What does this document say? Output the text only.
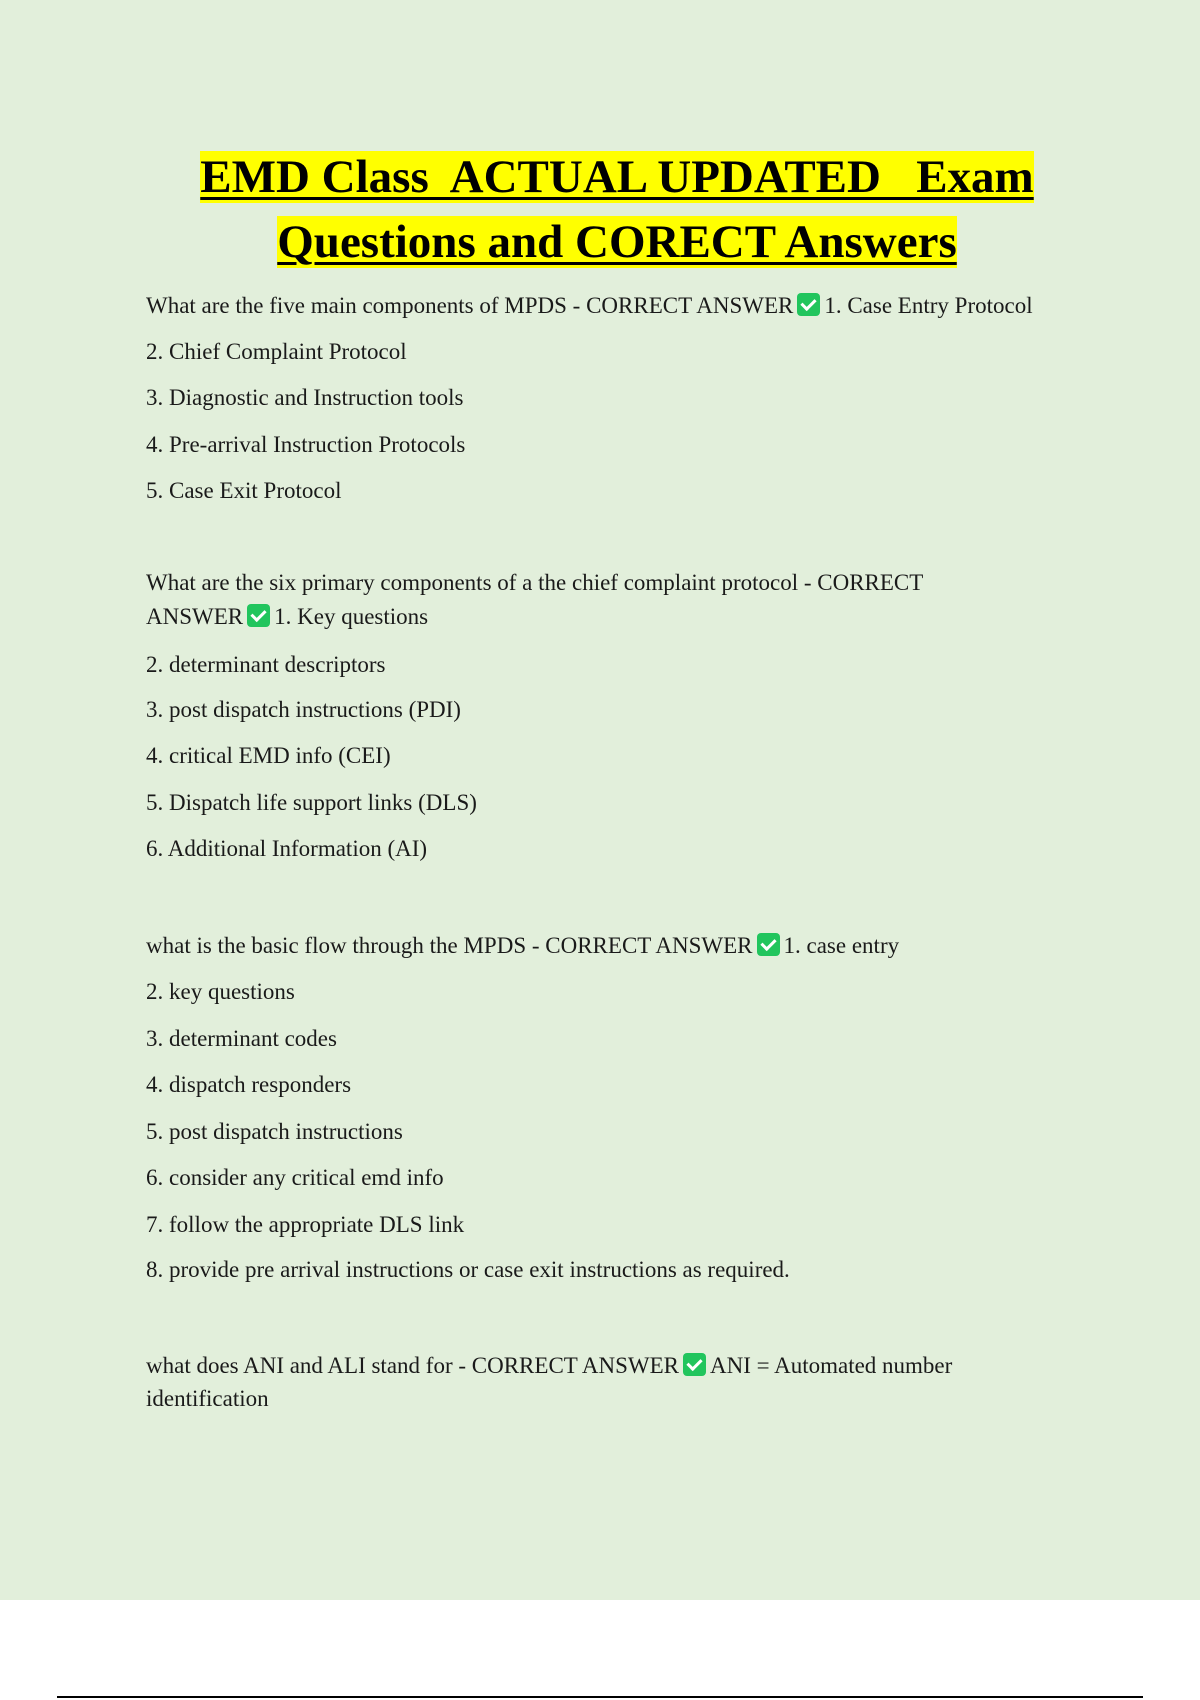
EMD Class  ACTUAL UPDATED   Exam
Questions and CORECT Answers
What are the five main components of MPDS - CORRECT ANSWER 1. Case Entry Protocol
2. Chief Complaint Protocol
3. Diagnostic and Instruction tools
4. Pre-arrival Instruction Protocols
5. Case Exit Protocol
What are the six primary components of a the chief complaint protocol - CORRECT
ANSWER 1. Key questions
2. determinant descriptors
3. post dispatch instructions (PDI)
4. critical EMD info (CEI)
5. Dispatch life support links (DLS)
6. Additional Information (AI)
what is the basic flow through the MPDS - CORRECT ANSWER 1. case entry
2. key questions
3. determinant codes
4. dispatch responders
5. post dispatch instructions
6. consider any critical emd info
7. follow the appropriate DLS link
8. provide pre arrival instructions or case exit instructions as required.
what does ANI and ALI stand for - CORRECT ANSWER ANI = Automated number
identification
